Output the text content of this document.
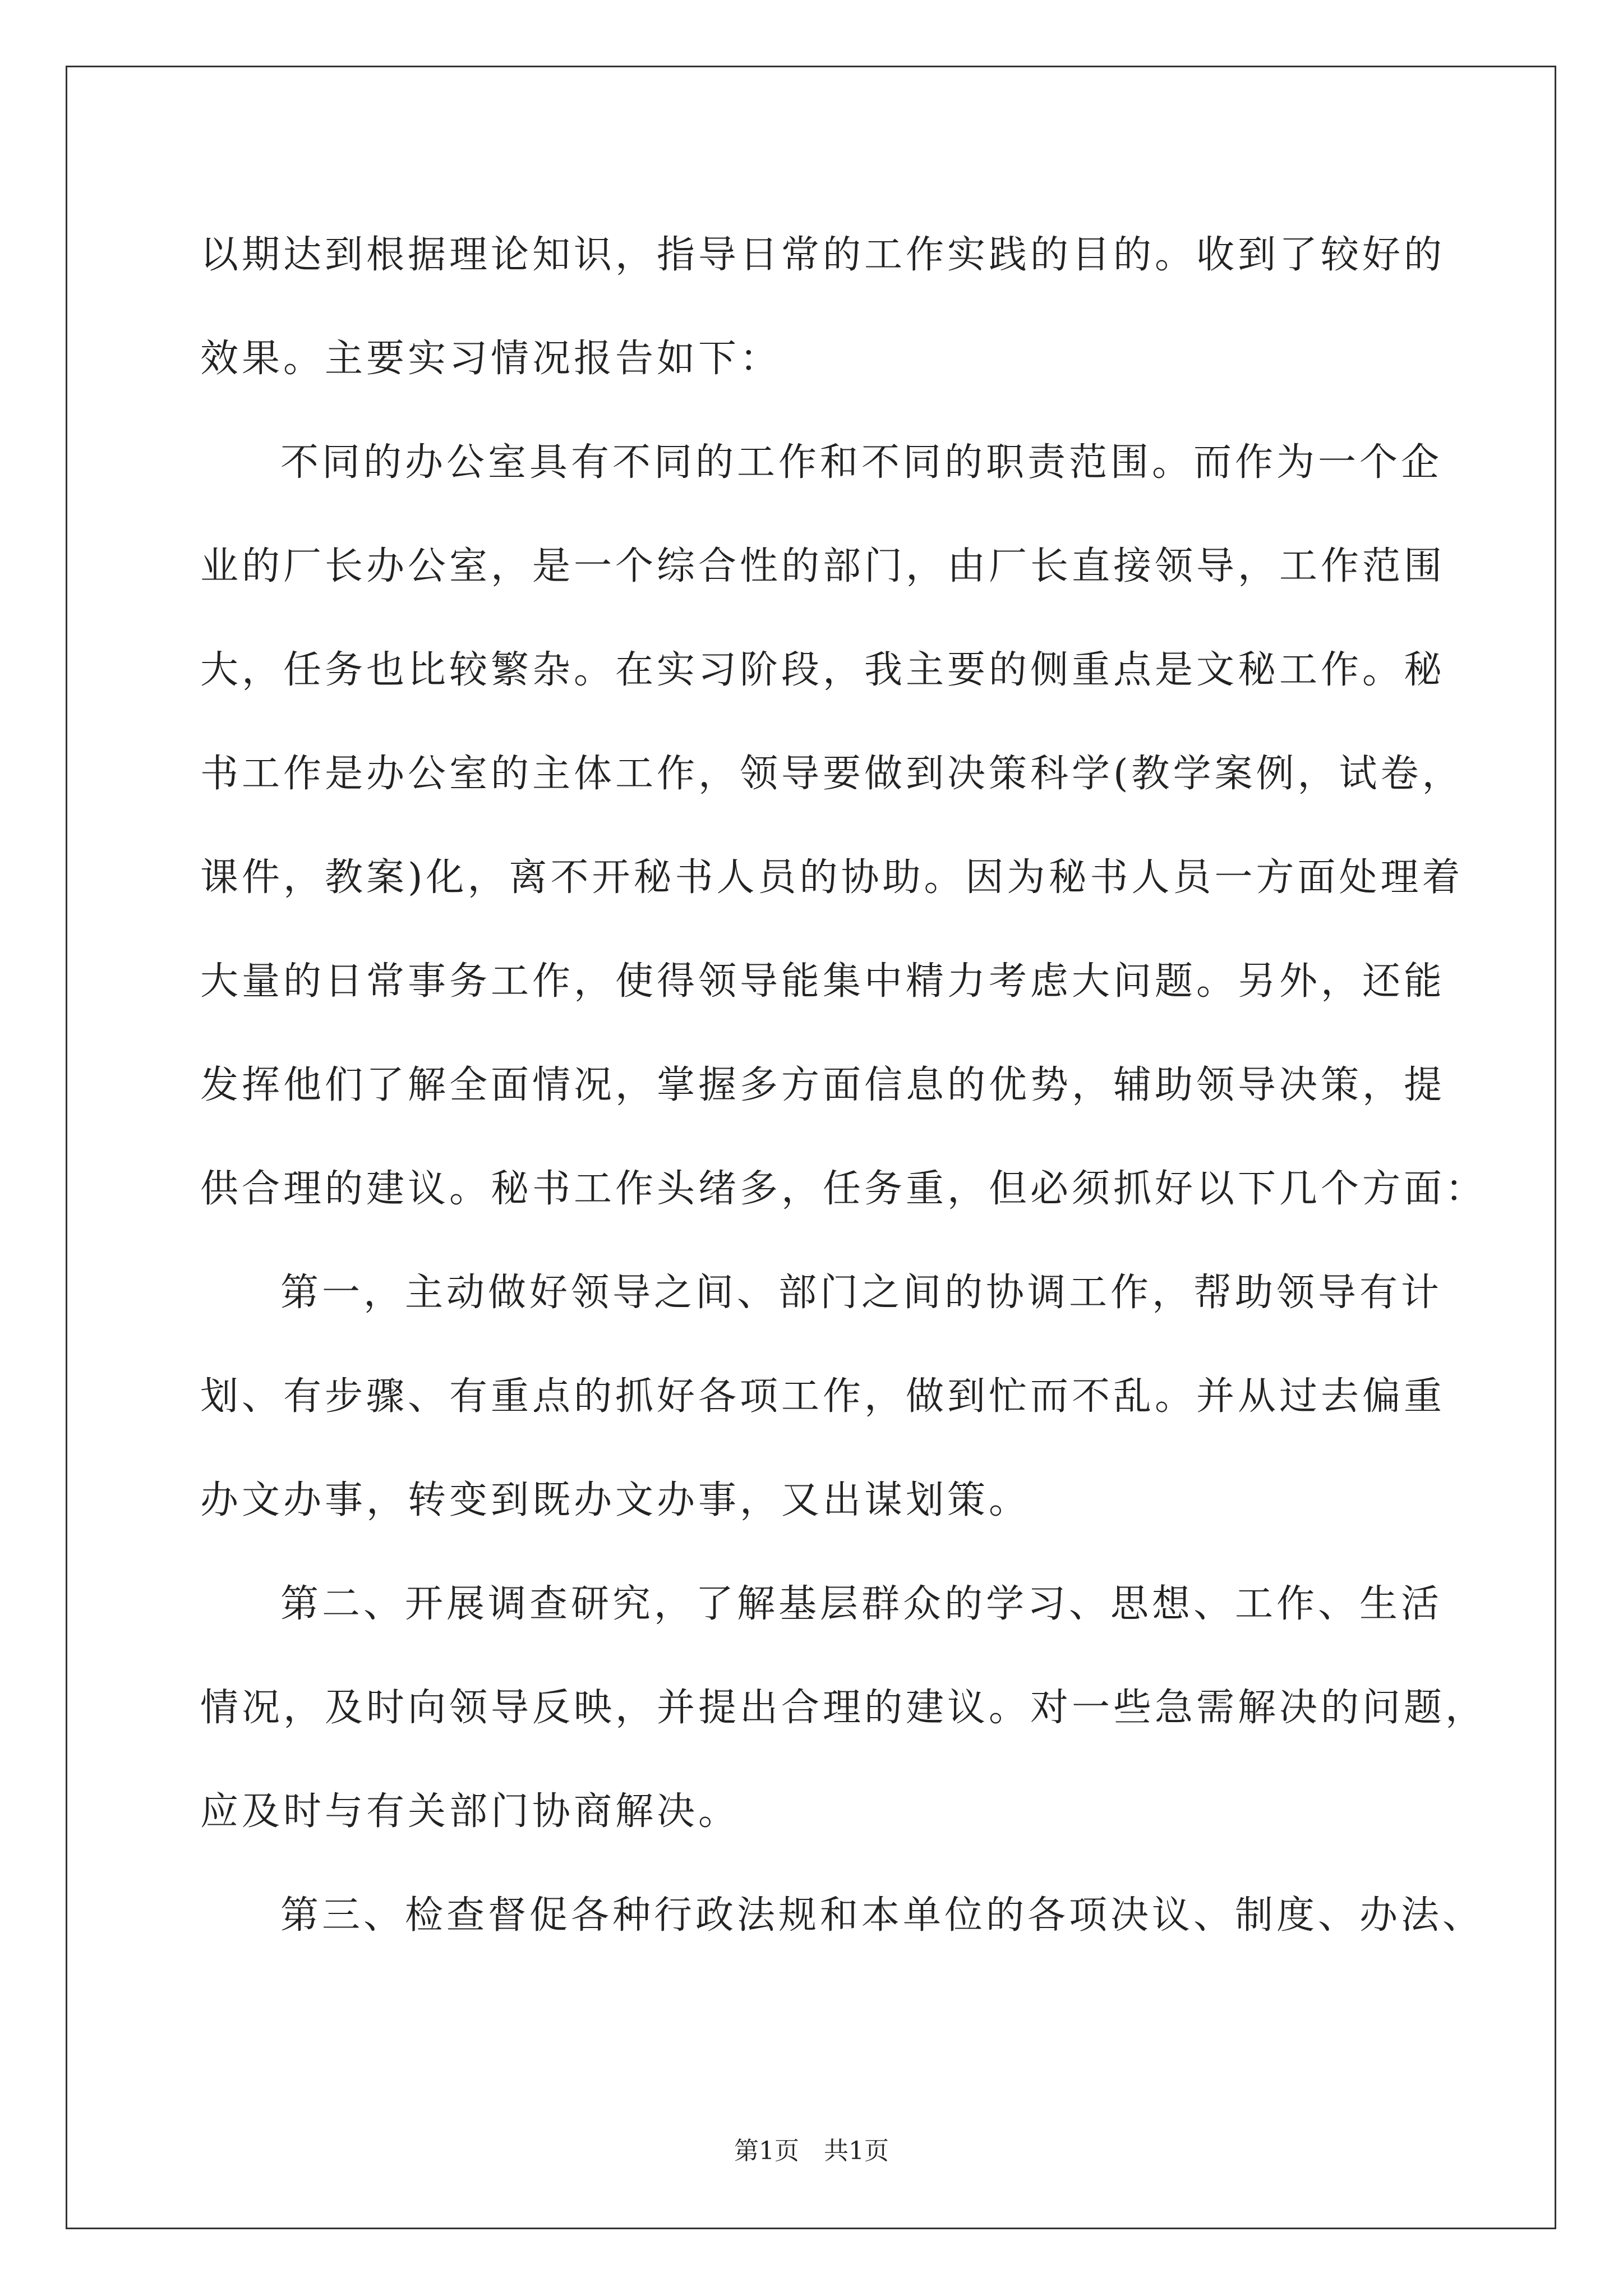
以期达到根据理论知识，指导日常的工作实践的目的。收到了较好的
效果。主要实习情况报告如下：
不同的办公室具有不同的工作和不同的职责范围。而作为一个企
业的厂长办公室，是一个综合性的部门，由厂长直接领导，工作范围
大，任务也比较繁杂。在实习阶段，我主要的侧重点是文秘工作。秘
书工作是办公室的主体工作，领导要做到决策科学(教学案例，试卷，
课件，教案)化，离不开秘书人员的协助。因为秘书人员一方面处理着
大量的日常事务工作，使得领导能集中精力考虑大问题。另外，还能
发挥他们了解全面情况，掌握多方面信息的优势，辅助领导决策，提
供合理的建议。秘书工作头绪多，任务重，但必须抓好以下几个方面：
第一，主动做好领导之间、部门之间的协调工作，帮助领导有计
划、有步骤、有重点的抓好各项工作，做到忙而不乱。并从过去偏重
办文办事，转变到既办文办事，又出谋划策。
第二、开展调查研究，了解基层群众的学习、思想、工作、生活
情况，及时向领导反映，并提出合理的建议。对一些急需解决的问题，
应及时与有关部门协商解决。
第三、检查督促各种行政法规和本单位的各项决议、制度、办法、
第1页　共1页
